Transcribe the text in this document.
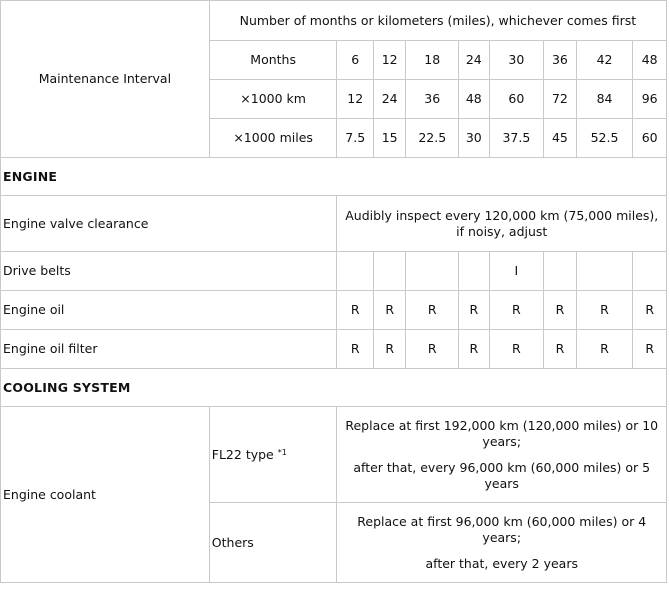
Maintenance Interval	Number of months or kilometers (miles), whichever comes first								
	Months	6	12	18	24	30	36	42	48
	×1000 km	12	24	36	48	60	72	84	96
	×1000 miles	7.5	15	22.5	30	37.5	45	52.5	60
ENGINE									
Engine valve clearance		Audibly inspect every 120,000 km (75,000 miles), if noisy, adjust							
Drive belts						I			
Engine oil		R	R	R	R	R	R	R	R
Engine oil filter		R	R	R	R	R	R	R	R
COOLING SYSTEM									
Engine coolant	FL22 type $^{*1}$	Replace at first 192,000 km (120,000 miles) or 10 years;

after that, every 96,000 km (60,000 miles) or 5 years							

	Others	Replace at first 96,000 km (60,000 miles) or 4 years;

after that, every 2 years							
